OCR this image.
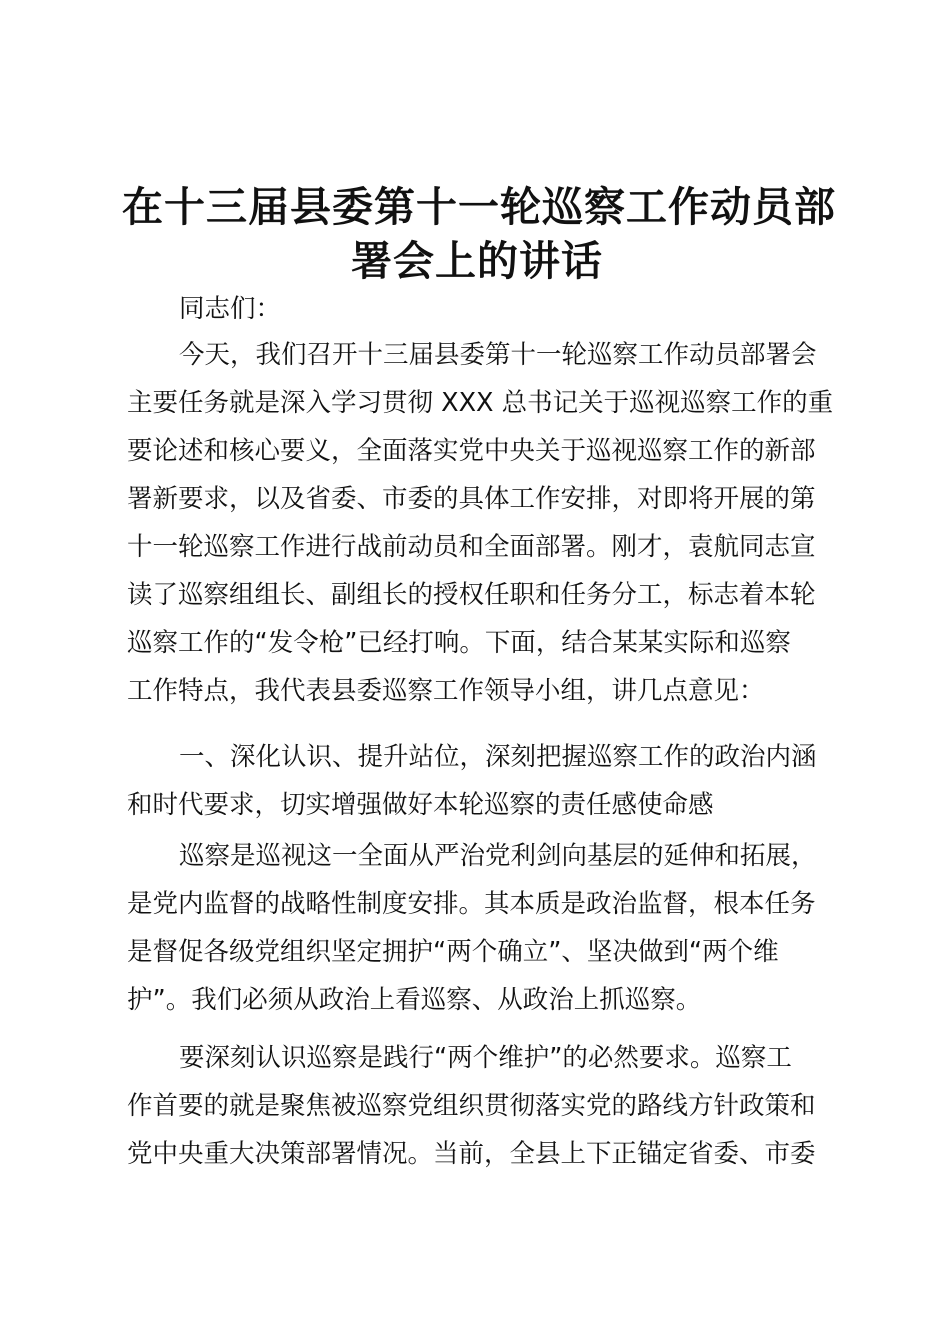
在十三届县委第十一轮巡察工作动员部
署会上的讲话
同志们：
今天，我们召开十三届县委第十一轮巡察工作动员部署会
主要任务就是深入学习贯彻 XXX 总书记关于巡视巡察工作的重
要论述和核心要义，全面落实党中央关于巡视巡察工作的新部
署新要求，以及省委、市委的具体工作安排，对即将开展的第
十一轮巡察工作进行战前动员和全面部署。刚才，袁航同志宣
读了巡察组组长、副组长的授权任职和任务分工，标志着本轮
巡察工作的“发令枪”已经打响。下面，结合某某实际和巡察
工作特点，我代表县委巡察工作领导小组，讲几点意见：
一、深化认识、提升站位，深刻把握巡察工作的政治内涵
和时代要求，切实增强做好本轮巡察的责任感使命感
巡察是巡视这一全面从严治党利剑向基层的延伸和拓展，
是党内监督的战略性制度安排。其本质是政治监督，根本任务
是督促各级党组织坚定拥护“两个确立”、坚决做到“两个维
护”。我们必须从政治上看巡察、从政治上抓巡察。
要深刻认识巡察是践行“两个维护”的必然要求。巡察工
作首要的就是聚焦被巡察党组织贯彻落实党的路线方针政策和
党中央重大决策部署情况。当前，全县上下正锚定省委、市委
